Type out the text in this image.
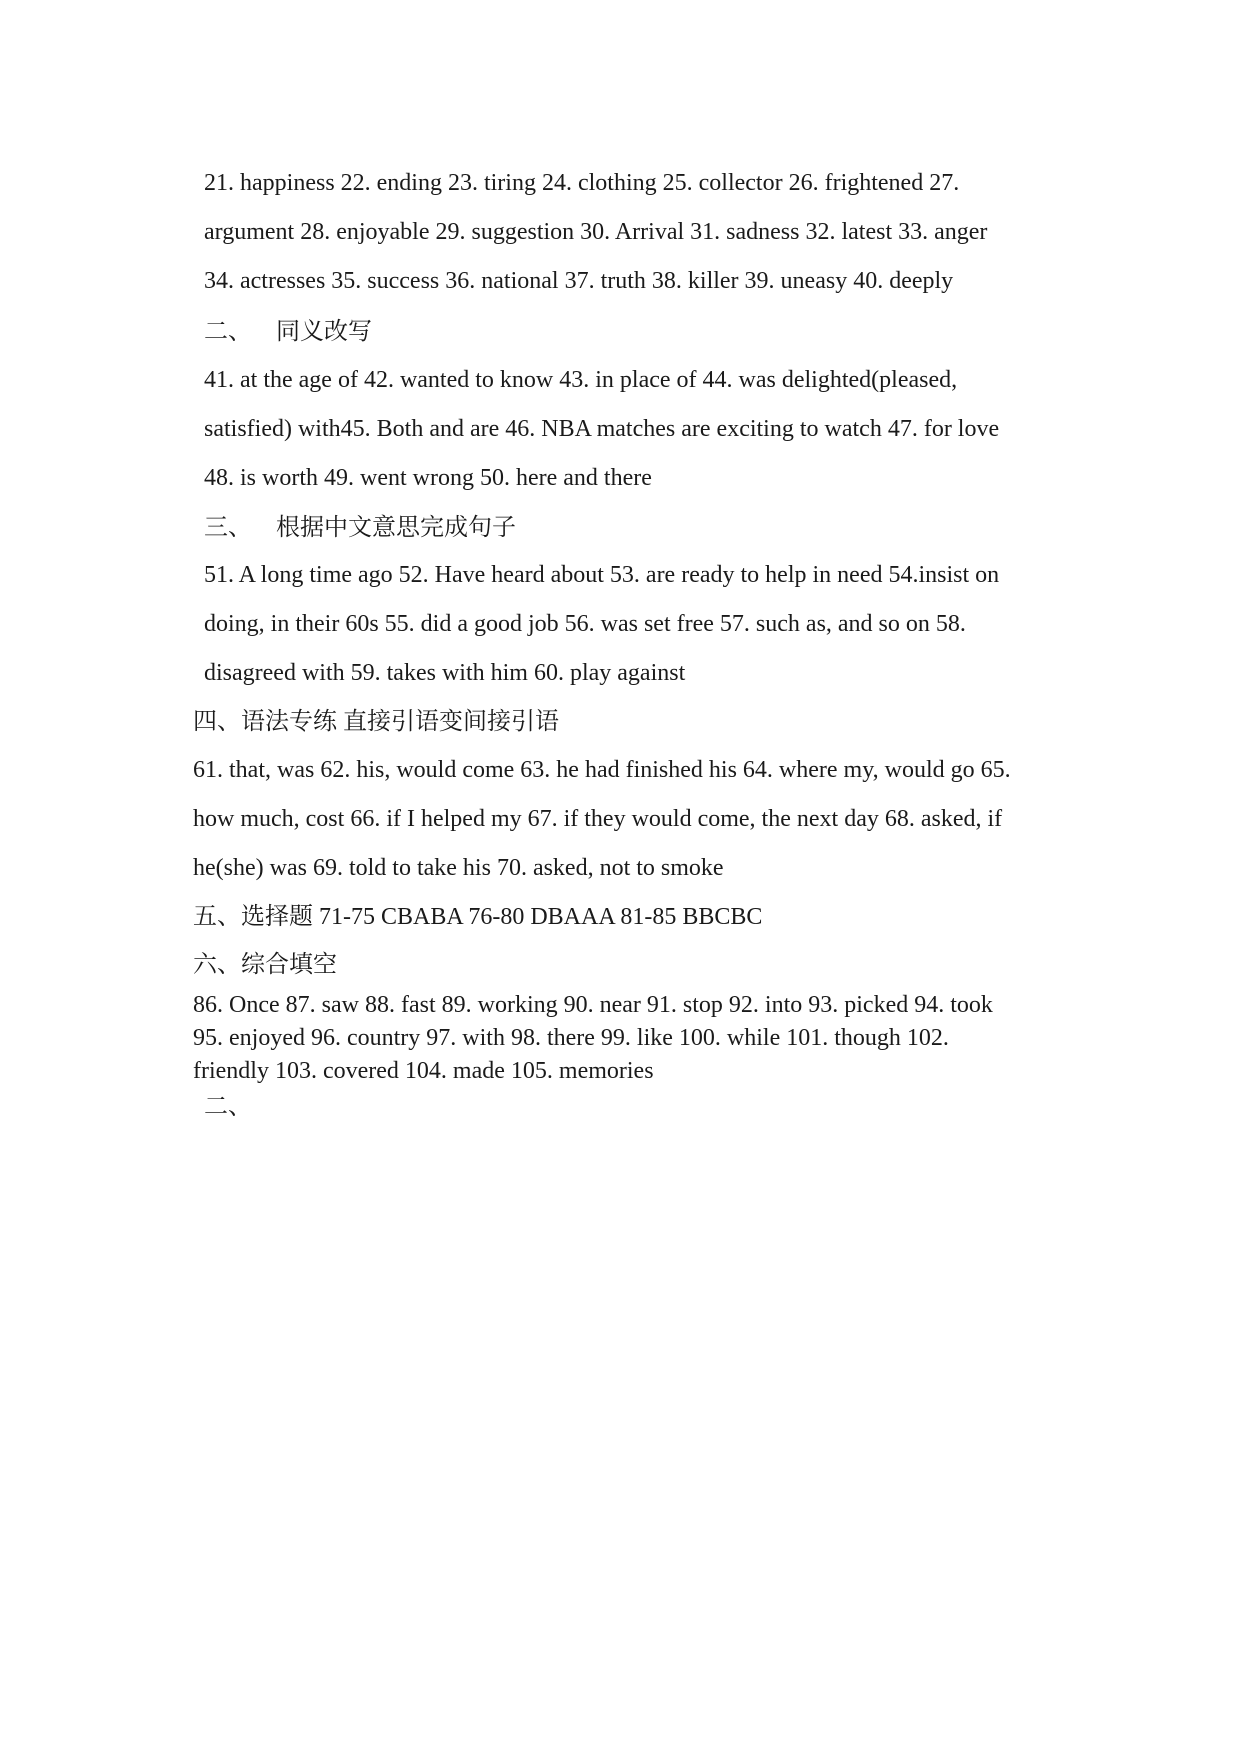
21. happiness 22. ending 23. tiring 24. clothing 25. collector 26. frightened 27.
argument 28. enjoyable 29. suggestion 30. Arrival 31. sadness 32. latest 33. anger
34. actresses 35. success 36. national 37. truth 38. killer 39. uneasy 40. deeply

二、 同义改写

41. at the age of 42. wanted to know 43. in place of 44. was delighted(pleased,
satisfied) with45. Both and are 46. NBA matches are exciting to watch 47. for love
48. is worth 49. went wrong 50. here and there

三、 根据中文意思完成句子

51. A long time ago 52. Have heard about 53. are ready to help in need 54.insist on
doing, in their 60s 55. did a good job 56. was set free 57. such as, and so on 58.
disagreed with 59. takes with him 60. play against

四、语法专练 直接引语变间接引语

61. that, was 62. his, would come 63. he had finished his 64. where my, would go 65.
how much, cost 66. if I helped my 67. if they would come, the next day 68. asked, if
he(she) was 69. told to take his 70. asked, not to smoke

五、选择题 71-75 CBABA 76-80 DBAAA 81-85 BBCBC

六、综合填空

86. Once 87. saw 88. fast 89. working 90. near 91. stop 92. into 93. picked 94. took
95. enjoyed 96. country 97. with 98. there 99. like 100. while 101. though 102.
friendly 103. covered 104. made 105. memories

二、
